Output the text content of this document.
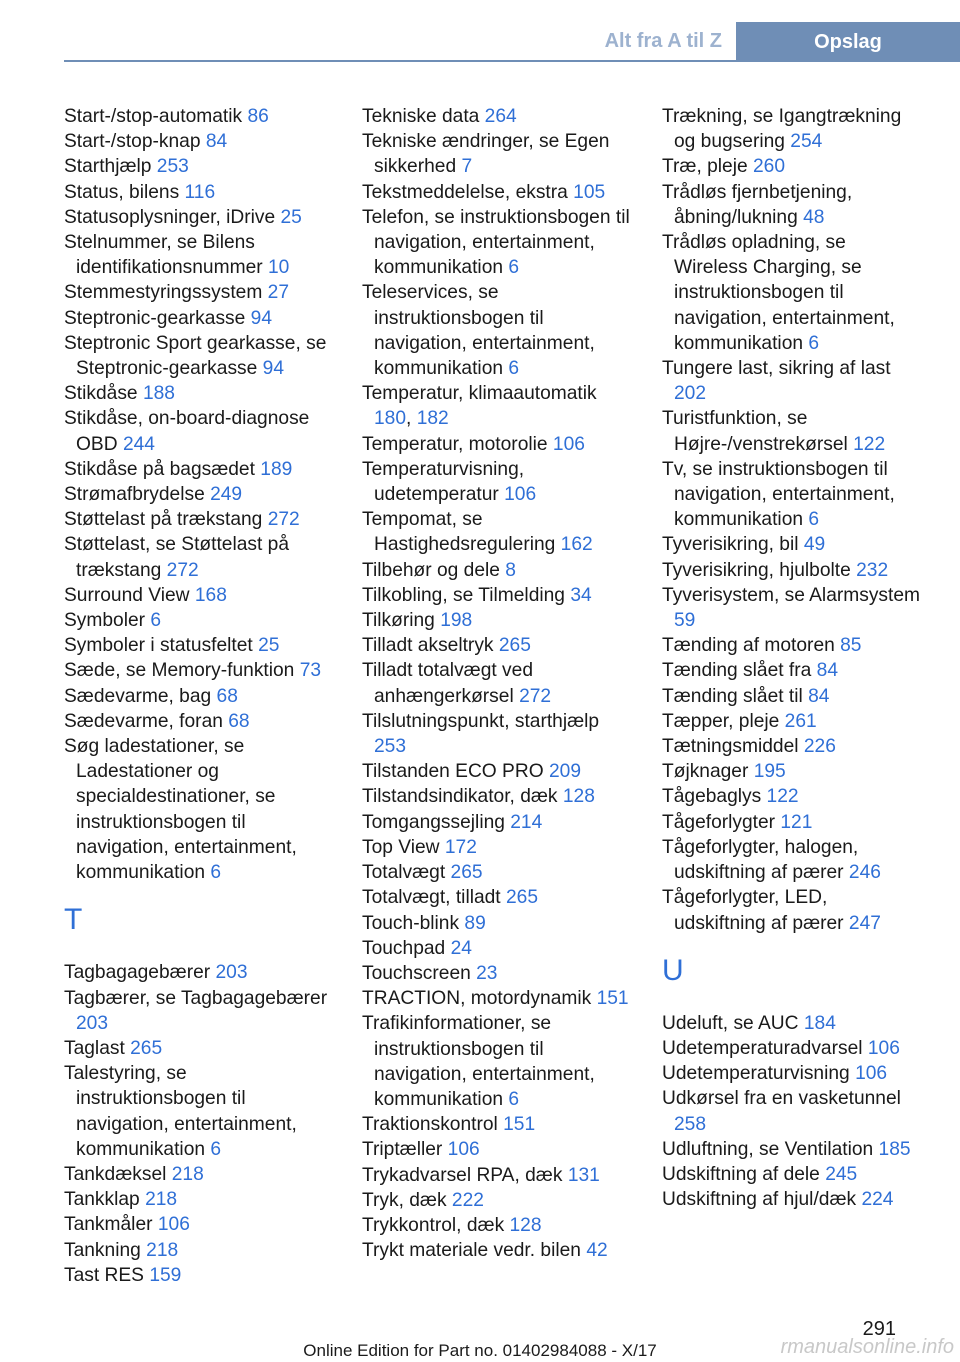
Alt fra A til Z	Opslag
Start-/stop-automatik 86
Start-/stop-knap 84
Starthjælp 253
Status, bilens 116
Statusoplysninger, iDrive 25
Stelnummer, se Bilens identifikationsnummer 10
Stemmestyringssystem 27
Steptronic-gearkasse 94
Steptronic Sport gearkasse, se Steptronic-gearkasse 94
Stikdåse 188
Stikdåse, on-board-diagnose OBD 244
Stikdåse på bagsædet 189
Strømafbrydelse 249
Støttelast på trækstang 272
Støttelast, se Støttelast på trækstang 272
Surround View 168
Symboler 6
Symboler i statusfeltet 25
Sæde, se Memory-funktion 73
Sædevarme, bag 68
Sædevarme, foran 68
Søg ladestationer, se Ladestationer og specialdestinationer, se instruktionsbogen til navigation, entertainment, kommunikation 6
T
Tagbagagebærer 203
Tagbærer, se Tagbagagebærer 203
Taglast 265
Talestyring, se instruktionsbogen til navigation, entertainment, kommunikation 6
Tankdæksel 218
Tankklap 218
Tankmåler 106
Tankning 218
Tast RES 159
Tekniske data 264
Tekniske ændringer, se Egen sikkerhed 7
Tekstmeddelelse, ekstra 105
Telefon, se instruktionsbogen til navigation, entertainment, kommunikation 6
Teleservices, se instruktionsbogen til navigation, entertainment, kommunikation 6
Temperatur, klimaautomatik 180, 182
Temperatur, motorolie 106
Temperaturvisning, udetemperatur 106
Tempomat, se Hastighedsregulering 162
Tilbehør og dele 8
Tilkobling, se Tilmelding 34
Tilkøring 198
Tilladt akseltryk 265
Tilladt totalvægt ved anhængerkørsel 272
Tilslutningspunkt, starthjælp 253
Tilstanden ECO PRO 209
Tilstandsindikator, dæk 128
Tomgangssejling 214
Top View 172
Totalvægt 265
Totalvægt, tilladt 265
Touch-blink 89
Touchpad 24
Touchscreen 23
TRACTION, motordynamik 151
Trafikinformationer, se instruktionsbogen til navigation, entertainment, kommunikation 6
Traktionskontrol 151
Triptæller 106
Trykadvarsel RPA, dæk 131
Tryk, dæk 222
Trykkontrol, dæk 128
Trykt materiale vedr. bilen 42
Trækning, se Igangtrækning og bugsering 254
Træ, pleje 260
Trådløs fjernbetjening, åbning/lukning 48
Trådløs opladning, se Wireless Charging, se instruktionsbogen til navigation, entertainment, kommunikation 6
Tungere last, sikring af last 202
Turistfunktion, se Højre-/venstrekørsel 122
Tv, se instruktionsbogen til navigation, entertainment, kommunikation 6
Tyverisikring, bil 49
Tyverisikring, hjulbolte 232
Tyverisystem, se Alarmsystem 59
Tænding af motoren 85
Tænding slået fra 84
Tænding slået til 84
Tæpper, pleje 261
Tætningsmiddel 226
Tøjknager 195
Tågebaglys 122
Tågeforlygter 121
Tågeforlygter, halogen, udskiftning af pærer 246
Tågeforlygter, LED, udskiftning af pærer 247
U
Udeluft, se AUC 184
Udetemperaturadvarsel 106
Udetemperaturvisning 106
Udkørsel fra en vasketunnel 258
Udluftning, se Ventilation 185
Udskiftning af dele 245
Udskiftning af hjul/dæk 224
291
Online Edition for Part no. 01402984088 - X/17	rmanualsonline.info
